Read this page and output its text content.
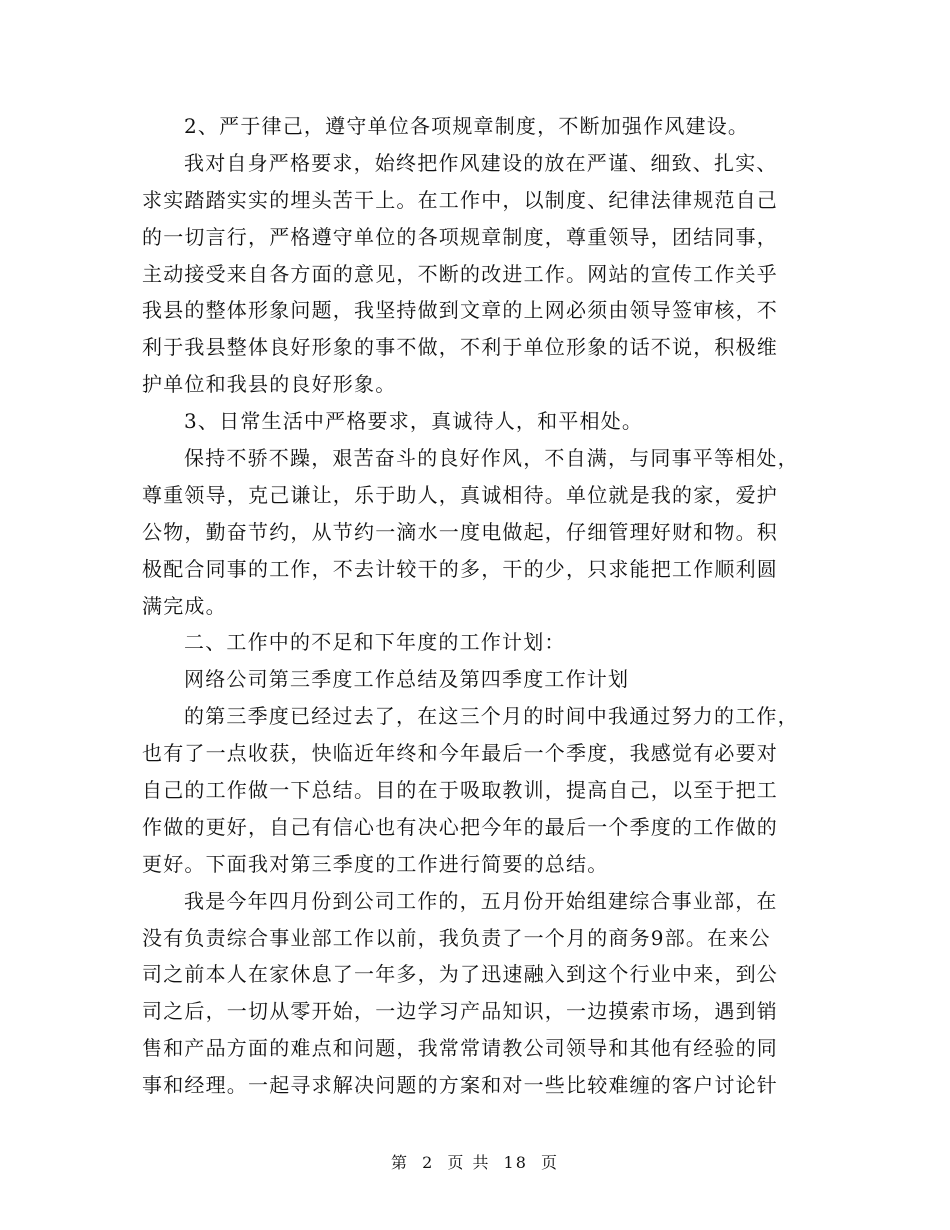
2、严于律己，遵守单位各项规章制度，不断加强作风建设。
我对自身严格要求，始终把作风建设的放在严谨、细致、扎实、
求实踏踏实实的埋头苦干上。在工作中，以制度、纪律法律规范自己
的一切言行，严格遵守单位的各项规章制度，尊重领导，团结同事，
主动接受来自各方面的意见，不断的改进工作。网站的宣传工作关乎
我县的整体形象问题，我坚持做到文章的上网必须由领导签审核，不
利于我县整体良好形象的事不做，不利于单位形象的话不说，积极维
护单位和我县的良好形象。
3、日常生活中严格要求，真诚待人，和平相处。
保持不骄不躁，艰苦奋斗的良好作风，不自满，与同事平等相处，
尊重领导，克己谦让，乐于助人，真诚相待。单位就是我的家，爱护
公物，勤奋节约，从节约一滴水一度电做起，仔细管理好财和物。积
极配合同事的工作，不去计较干的多，干的少，只求能把工作顺利圆
满完成。
二、工作中的不足和下年度的工作计划：
网络公司第三季度工作总结及第四季度工作计划
的第三季度已经过去了，在这三个月的时间中我通过努力的工作，
也有了一点收获，快临近年终和今年最后一个季度，我感觉有必要对
自己的工作做一下总结。目的在于吸取教训，提高自己，以至于把工
作做的更好，自己有信心也有决心把今年的最后一个季度的工作做的
更好。下面我对第三季度的工作进行简要的总结。
我是今年四月份到公司工作的，五月份开始组建综合事业部，在
没有负责综合事业部工作以前，我负责了一个月的商务9部。在来公
司之前本人在家休息了一年多，为了迅速融入到这个行业中来，到公
司之后，一切从零开始，一边学习产品知识，一边摸索市场，遇到销
售和产品方面的难点和问题，我常常请教公司领导和其他有经验的同
事和经理。一起寻求解决问题的方案和对一些比较难缠的客户讨论针
第 2 页 共 18 页
